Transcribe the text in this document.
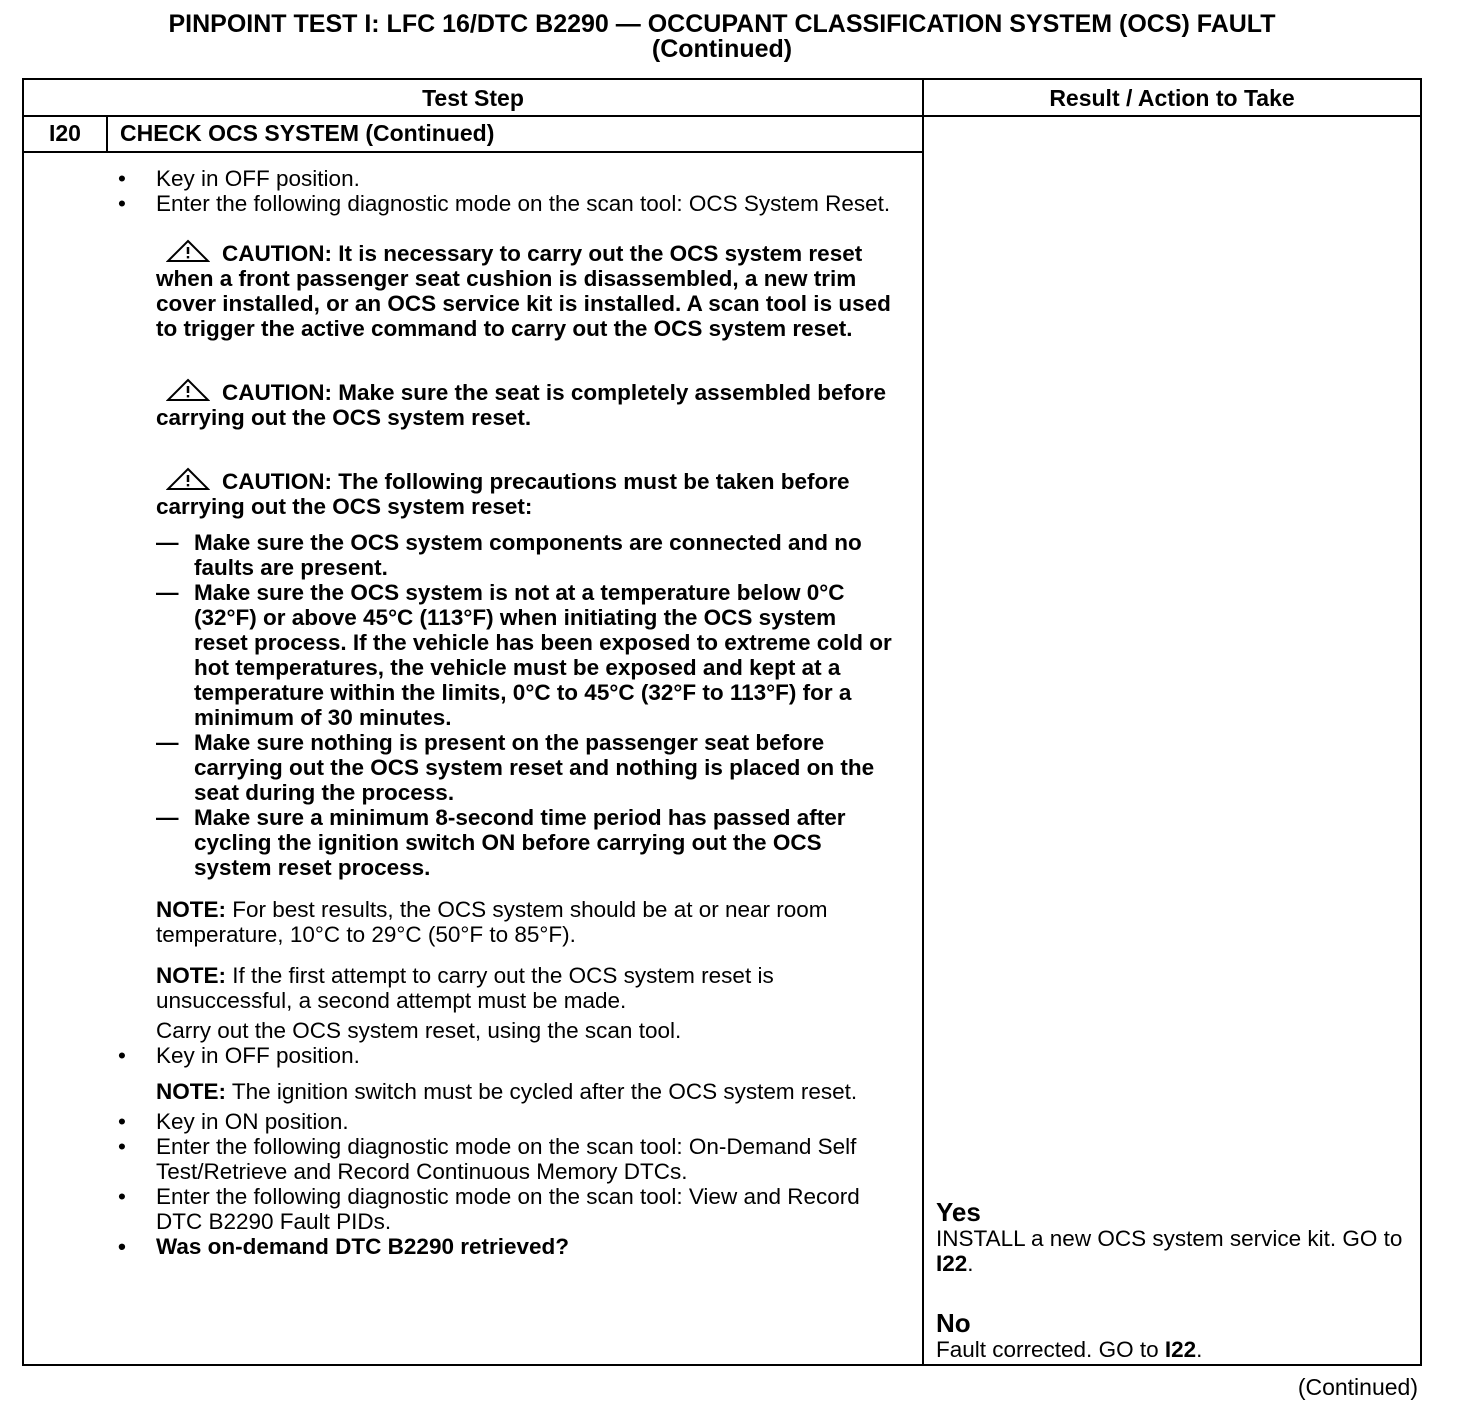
PINPOINT TEST I: LFC 16/DTC B2290 — OCCUPANT CLASSIFICATION SYSTEM (OCS) FAULT
(Continued)
Test Step	Result / Action to Take
I20	CHECK OCS SYSTEM (Continued)
• Key in OFF position.
• Enter the following diagnostic mode on the scan tool: OCS System Reset.
CAUTION: It is necessary to carry out the OCS system reset when a front passenger seat cushion is disassembled, a new trim cover installed, or an OCS service kit is installed. A scan tool is used to trigger the active command to carry out the OCS system reset.
CAUTION: Make sure the seat is completely assembled before carrying out the OCS system reset.
CAUTION: The following precautions must be taken before carrying out the OCS system reset:
— Make sure the OCS system components are connected and no faults are present.
— Make sure the OCS system is not at a temperature below 0°C (32°F) or above 45°C (113°F) when initiating the OCS system reset process. If the vehicle has been exposed to extreme cold or hot temperatures, the vehicle must be exposed and kept at a temperature within the limits, 0°C to 45°C (32°F to 113°F) for a minimum of 30 minutes.
— Make sure nothing is present on the passenger seat before carrying out the OCS system reset and nothing is placed on the seat during the process.
— Make sure a minimum 8-second time period has passed after cycling the ignition switch ON before carrying out the OCS system reset process.
NOTE: For best results, the OCS system should be at or near room temperature, 10°C to 29°C (50°F to 85°F).
NOTE: If the first attempt to carry out the OCS system reset is unsuccessful, a second attempt must be made.
Carry out the OCS system reset, using the scan tool.
• Key in OFF position.
NOTE: The ignition switch must be cycled after the OCS system reset.
• Key in ON position.
• Enter the following diagnostic mode on the scan tool: On-Demand Self Test/Retrieve and Record Continuous Memory DTCs.
• Enter the following diagnostic mode on the scan tool: View and Record DTC B2290 Fault PIDs.
• Was on-demand DTC B2290 retrieved?
Yes
INSTALL a new OCS system service kit. GO to I22.
No
Fault corrected. GO to I22.
(Continued)
